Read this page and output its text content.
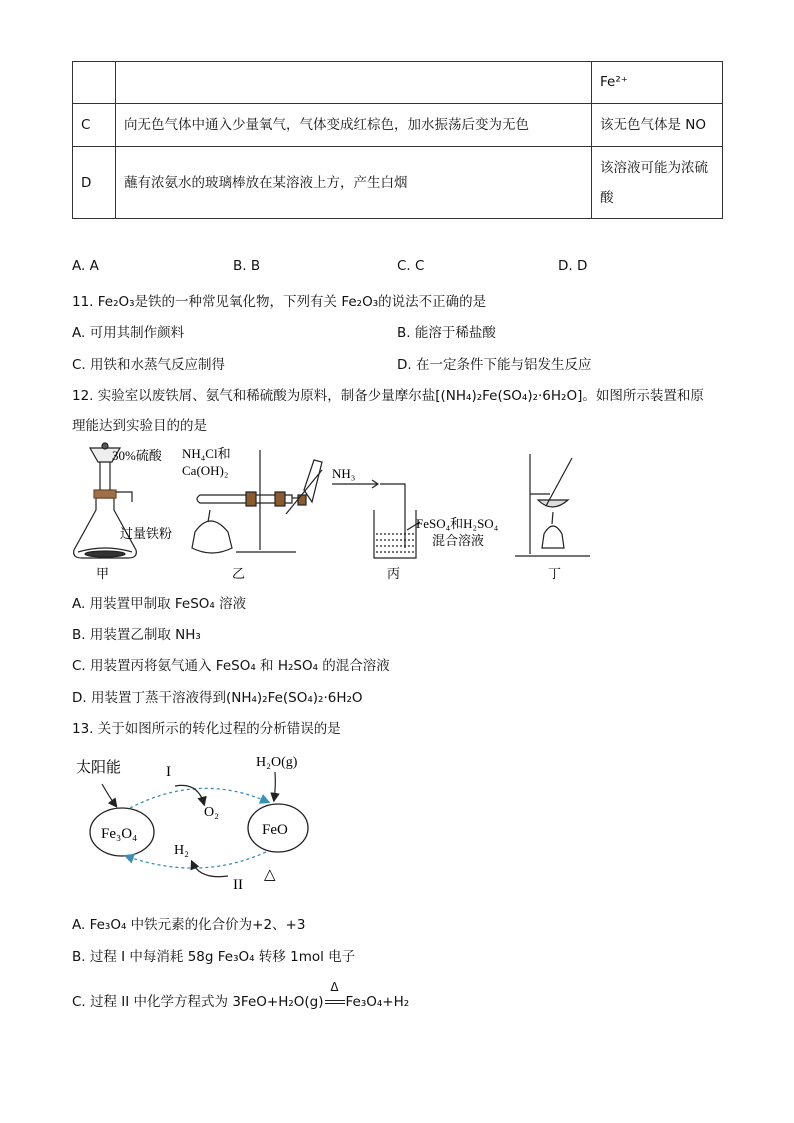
		Fe²⁺
C	向无色气体中通入少量氧气，气体变成红棕色，加水振荡后变为无色	该无色气体是 NO
D	蘸有浓氨水的玻璃棒放在某溶液上方，产生白烟	该溶液可能为浓硫酸
A. A	B. B	C. C	D. D
11. Fe₂O₃是铁的一种常见氧化物，下列有关 Fe₂O₃的说法不正确的是
A. 可用其制作颜料	B. 能溶于稀盐酸
C. 用铁和水蒸气反应制得	D. 在一定条件下能与铝发生反应
12. 实验室以废铁屑、氨气和稀硫酸为原料，制备少量摩尔盐[(NH₄)₂Fe(SO₄)₂·6H₂O]。如图所示装置和原
理能达到实验目的的是
30%硫酸
过量铁粉
NH₄Cl和
Ca(OH)₂	NH₃
FeSO₄和H₂SO₄
混合溶液
甲	乙	丙	丁
A. 用装置甲制取 FeSO₄ 溶液
B. 用装置乙制取 NH₃
C. 用装置丙将氨气通入 FeSO₄ 和 H₂SO₄ 的混合溶液
D. 用装置丁蒸干溶液得到(NH₄)₂Fe(SO₄)₂·6H₂O
13. 关于如图所示的转化过程的分析错误的是
Fe₃O₄	FeO
太阳能	I
O₂
H₂O(g)
H₂
II
△
A. Fe₃O₄ 中铁元素的化合价为+2、+3
B. 过程 I 中每消耗 58g Fe₃O₄ 转移 1mol 电子
C. 过程 II 中化学方程式为 3FeO+H₂O(g)
Δ
Fe₃O₄+H₂
